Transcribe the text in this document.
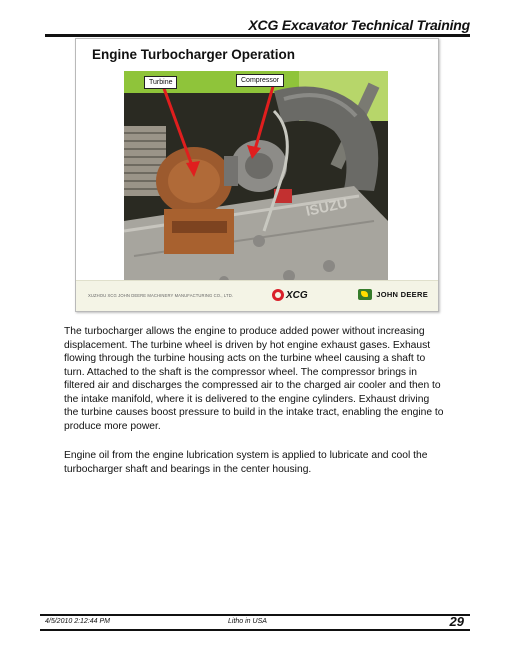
XCG Excavator Technical Training
Engine Turbocharger Operation
ISUZU
Turbine	Compressor
XUZHOU XCG JOHN DEERE MACHINERY MANUFACTURING CO., LTD.	XCG	JOHN DEERE

The turbocharger allows the engine to produce added power without increasing displacement. The turbine wheel is driven by hot engine exhaust gases. Exhaust flowing through the turbine housing acts on the turbine wheel causing a shaft to turn. Attached to the shaft is the compressor wheel. The compressor brings in filtered air and discharges the compressed air to the charged air cooler and then to the intake manifold, where it is delivered to the engine cylinders. Exhaust driving the turbine causes boost pressure to build in the intake tract, enabling the engine to produce more power.

Engine oil from the engine lubrication system is applied to lubricate and cool the turbocharger shaft and bearings in the center housing.

4/5/2010 2:12:44 PM	Litho in USA	29
